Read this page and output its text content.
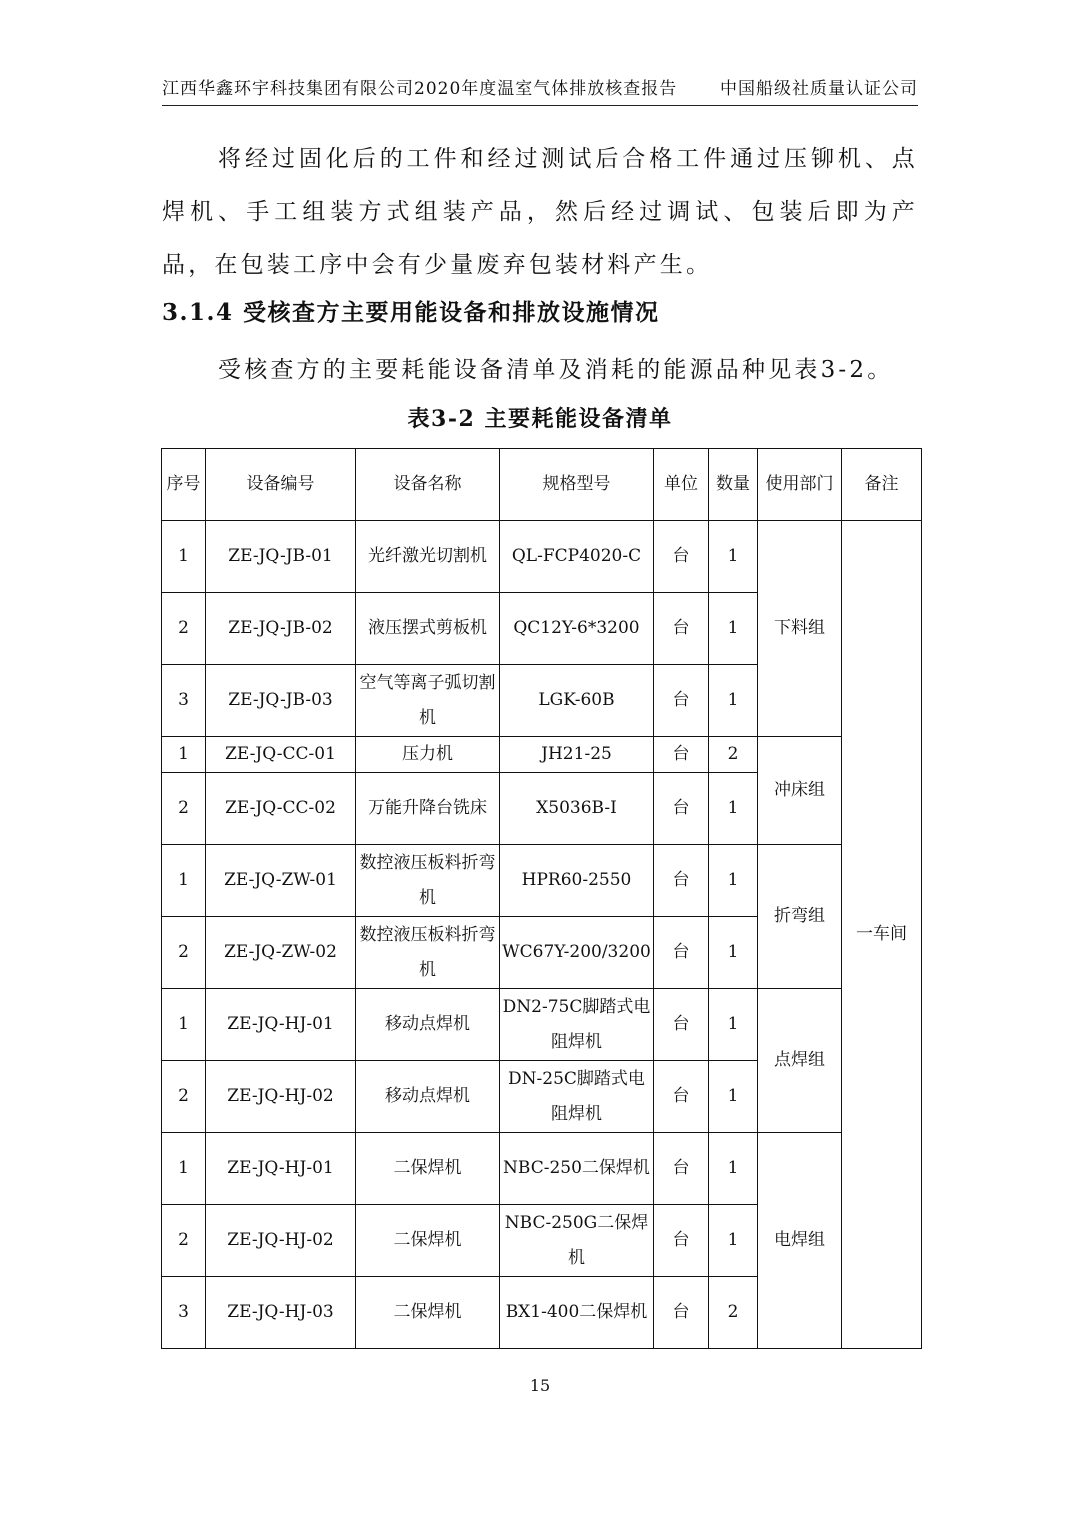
江西华鑫环宇科技集团有限公司2020年度温室气体排放核查报告	中国船级社质量认证公司

将经过固化后的工件和经过测试后合格工件通过压铆机、点焊机、手工组装方式组装产品，然后经过调试、包装后即为产品，在包装工序中会有少量废弃包装材料产生。

3.1.4 受核查方主要用能设备和排放设施情况

受核查方的主要耗能设备清单及消耗的能源品种见表3-2。

表3-2 主要耗能设备清单
序号	设备编号	设备名称	规格型号	单位	数量	使用部门	备注
1	ZE-JQ-JB-01	光纤激光切割机	QL-FCP4020-C	台	1	下料组	一车间
2	ZE-JQ-JB-02	液压摆式剪板机	QC12Y-6*3200	台	1		
3	ZE-JQ-JB-03	空气等离子弧切割机	LGK-60B	台	1		
1	ZE-JQ-CC-01	压力机	JH21-25	台	2	冲床组	
2	ZE-JQ-CC-02	万能升降台铣床	X5036B-I	台	1		
1	ZE-JQ-ZW-01	数控液压板料折弯机	HPR60-2550	台	1	折弯组	
2	ZE-JQ-ZW-02	数控液压板料折弯机	WC67Y-200/3200	台	1		
1	ZE-JQ-HJ-01	移动点焊机	DN2-75C脚踏式电阻焊机	台	1	点焊组	
2	ZE-JQ-HJ-02	移动点焊机	DN-25C脚踏式电阻焊机	台	1		
1	ZE-JQ-HJ-01	二保焊机	NBC-250二保焊机	台	1	电焊组	
2	ZE-JQ-HJ-02	二保焊机	NBC-250G二保焊机	台	1		
3	ZE-JQ-HJ-03	二保焊机	BX1-400二保焊机	台	2		
15
